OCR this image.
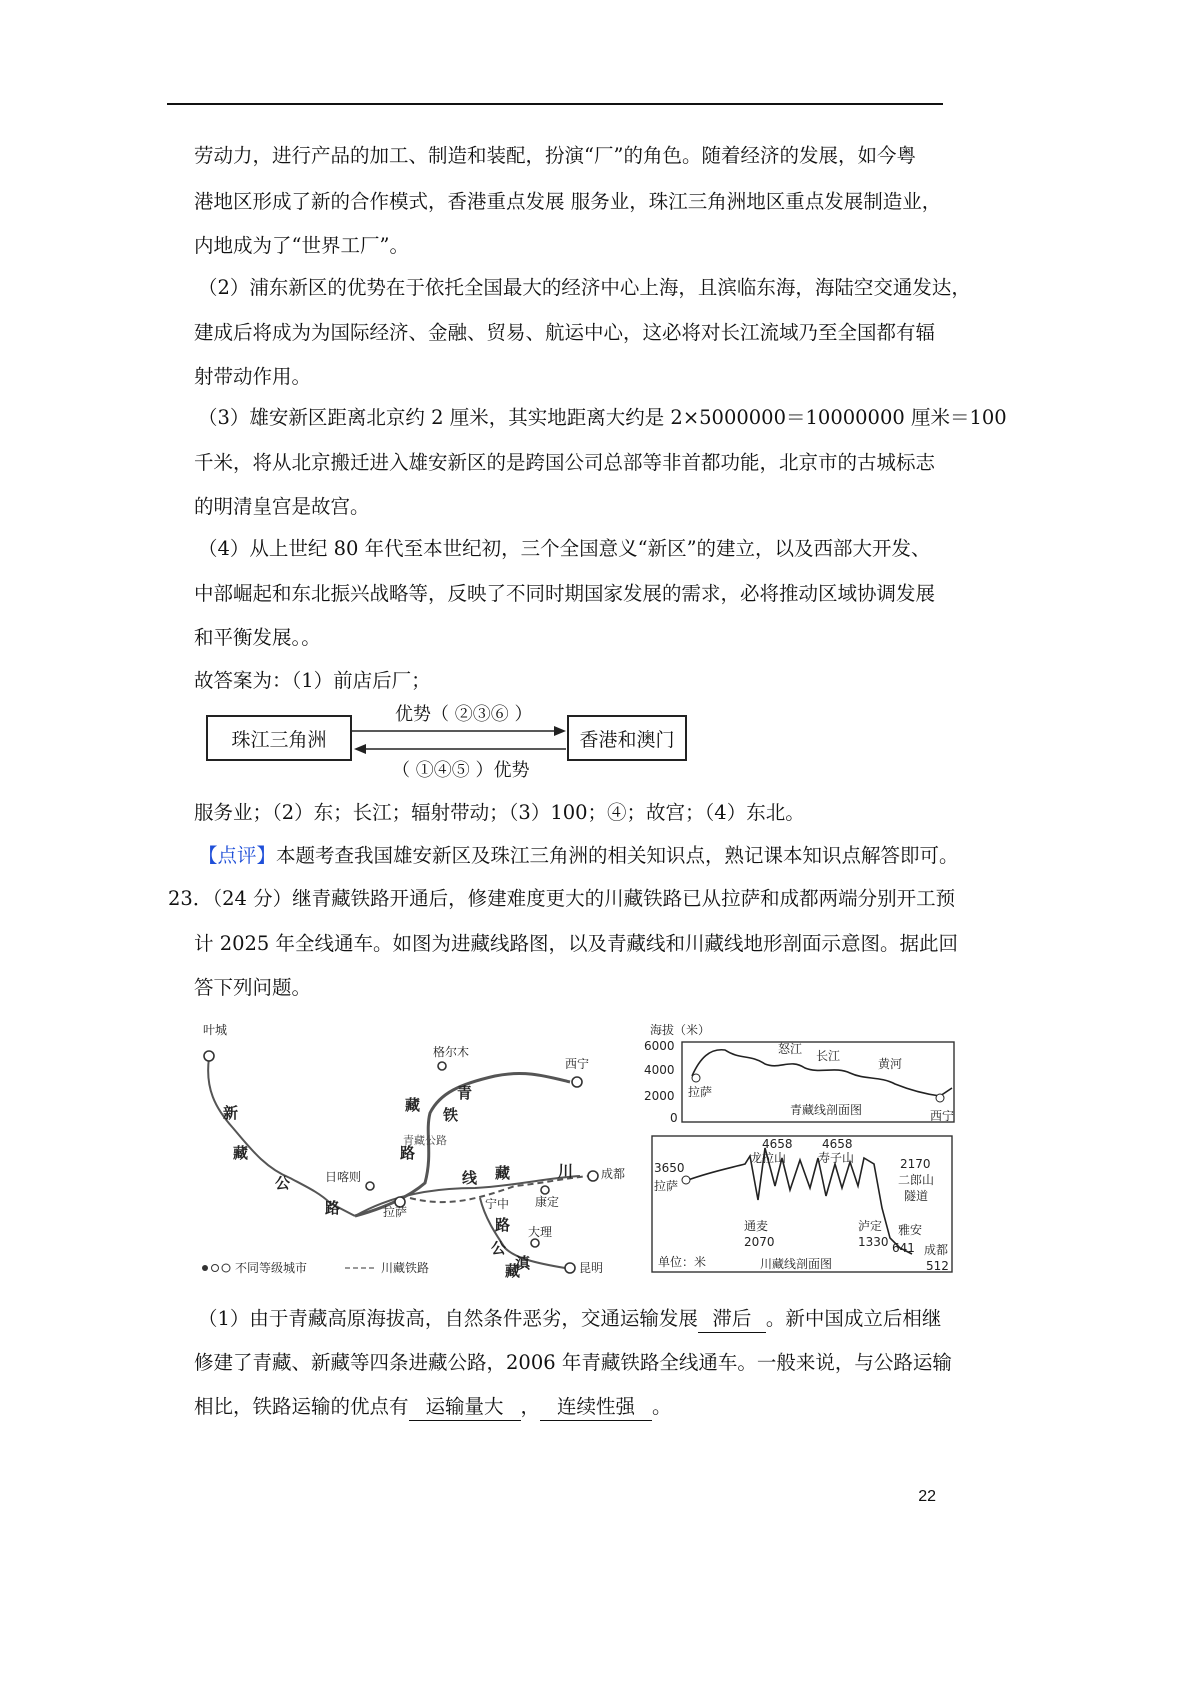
劳动力，进行产品的加工、制造和装配，扮演“厂”的角色。随着经济的发展，如今粤
港地区形成了新的合作模式，香港重点发展 服务业，珠江三角洲地区重点发展制造业，
内地成为了“世界工厂”。
（2）浦东新区的优势在于依托全国最大的经济中心上海，且滨临东海，海陆空交通发达，
建成后将成为为国际经济、金融、贸易、航运中心，这必将对长江流域乃至全国都有辐
射带动作用。
（3）雄安新区距离北京约 2 厘米，其实地距离大约是 2×5000000＝10000000 厘米＝100
千米，将从北京搬迁进入雄安新区的是跨国公司总部等非首都功能，北京市的古城标志
的明清皇宫是故宫。
（4）从上世纪 80 年代至本世纪初，三个全国意义“新区”的建立，以及西部大开发、
中部崛起和东北振兴战略等，反映了不同时期国家发展的需求，必将推动区域协调发展
和平衡发展。。
故答案为：（1）前店后厂；
珠江三角洲	香港和澳门
优势（ ②③⑥ ）
（ ①④⑤ ）优势
服务业；（2）东；长江；辐射带动；（3）100；④；故宫；（4）东北。
【点评】本题考查我国雄安新区及珠江三角洲的相关知识点，熟记课本知识点解答即可。
23．（24 分）继青藏铁路开通后，修建难度更大的川藏铁路已从拉萨和成都两端分别开工预
计 2025 年全线通车。如图为进藏线路图，以及青藏线和川藏线地形剖面示意图。据此回
答下列问题。
叶城
格尔木
西宁
日喀则
拉萨
成都
康定
大理
昆明
宁中
新
藏
公
路
青
藏
铁
路
川
藏
线
滇
藏
公
路
青藏公路
不同等级城市	川藏铁路
海拔（米）
6000
4000
2000
0
怒江 长江
黄河
拉萨
西宁
青藏线剖面图
4658 4658
龙拉山	寿子山
3650
拉萨
2170
二郎山
隧道
通麦
2070
泸定
1330
雅安
641 成都
512
单位：米	川藏线剖面图
（1）由于青藏高原海拔高，自然条件恶劣，交通运输发展 滞后 。新中国成立后相继
修建了青藏、新藏等四条进藏公路，2006 年青藏铁路全线通车。一般来说，与公路运输
相比，铁路运输的优点有 运输量大 ， 连续性强 。
22
